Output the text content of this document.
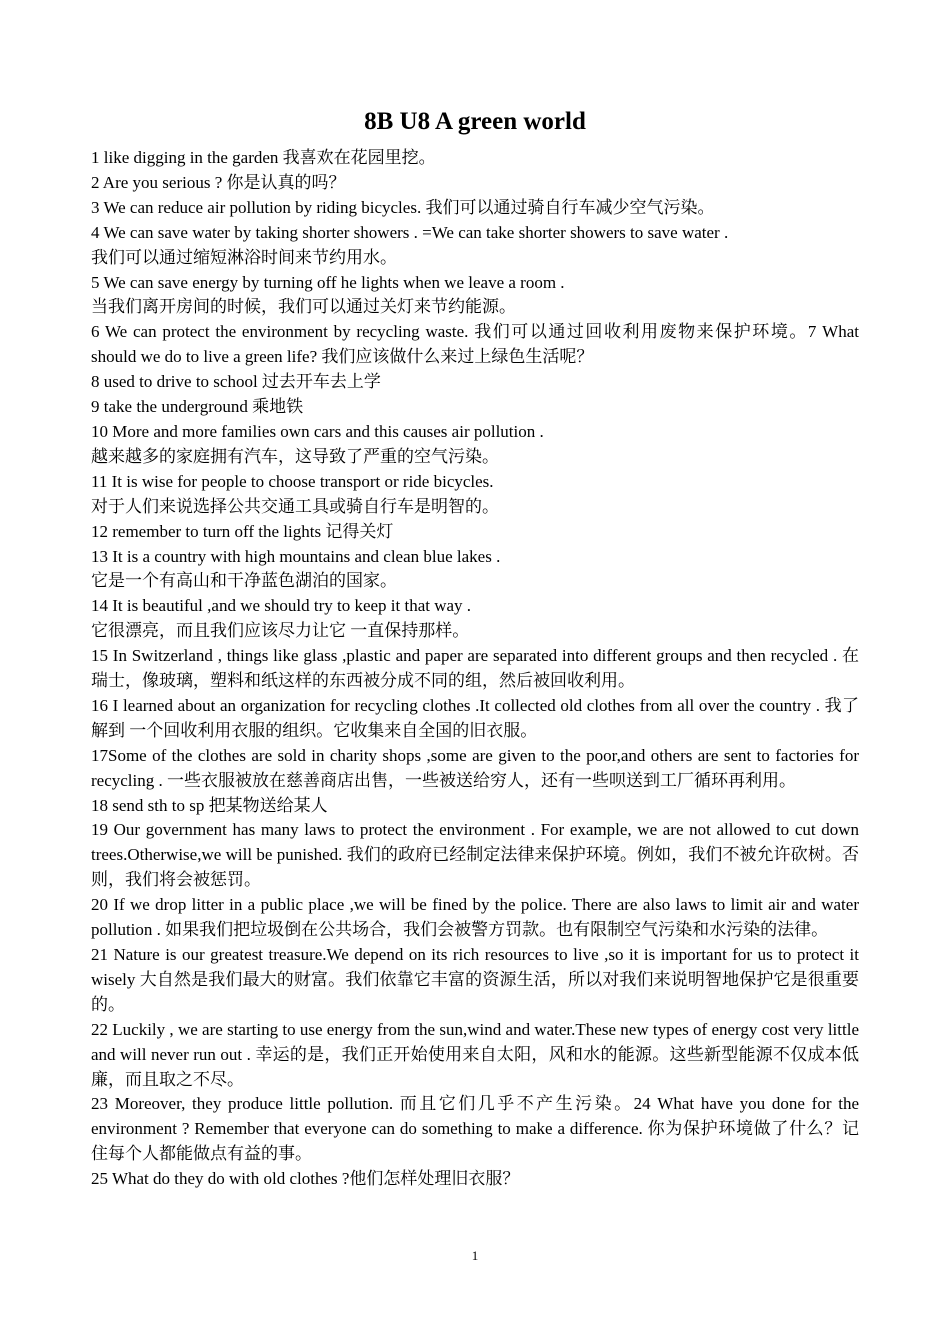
8B U8 A green world

1 like digging in the garden 我喜欢在花园里挖。

2 Are you serious ? 你是认真的吗？

3 We can reduce air pollution by riding bicycles. 我们可以通过骑自行车减少空气污染。

4 We can save water by taking shorter showers . =We can take shorter showers to save water .

我们可以通过缩短淋浴时间来节约用水。

5 We can save energy by turning off he lights when we leave a room .

当我们离开房间的时候，我们可以通过关灯来节约能源。

6 We can protect the environment by recycling waste. 我们可以通过回收利用废物来保护环境。7 What should we do to live a green life? 我们应该做什么来过上绿色生活呢？

8 used to drive to school 过去开车去上学

9 take the underground 乘地铁

10 More and more families own cars and this causes air pollution .

越来越多的家庭拥有汽车，这导致了严重的空气污染。

11 It is wise for people to choose transport or ride bicycles.

对于人们来说选择公共交通工具或骑自行车是明智的。

12 remember to turn off the lights 记得关灯

13 It is a country with high mountains and clean blue lakes .

它是一个有高山和干净蓝色湖泊的国家。

14 It is beautiful ,and we should try to keep it that way .

它很漂亮，而且我们应该尽力让它 一直保持那样。

15 In Switzerland , things like glass ,plastic and paper are separated into different groups and then recycled . 在瑞士，像玻璃，塑料和纸这样的东西被分成不同的组，然后被回收利用。

16 I learned about an organization for recycling clothes .It collected old clothes from all over the country . 我了解到 一个回收利用衣服的组织。它收集来自全国的旧衣服。

17Some of the clothes are sold in charity shops ,some are given to the poor,and others are sent to factories for recycling . 一些衣服被放在慈善商店出售，一些被送给穷人，还有一些呗送到工厂循环再利用。

18 send sth to sp 把某物送给某人

19 Our government has many laws to protect the environment . For example, we are not allowed to cut down trees.Otherwise,we will be punished. 我们的政府已经制定法律来保护环境。例如，我们不被允许砍树。否则，我们将会被惩罚。

20 If we drop litter in a public place ,we will be fined by the police. There are also laws to limit air and water pollution . 如果我们把垃圾倒在公共场合，我们会被警方罚款。也有限制空气污染和水污染的法律。

21 Nature is our greatest treasure.We depend on its rich resources to live ,so it is important for us to protect it wisely 大自然是我们最大的财富。我们依靠它丰富的资源生活，所以对我们来说明智地保护它是很重要的。

22 Luckily , we are starting to use energy from the sun,wind and water.These new types of energy cost very little and will never run out . 幸运的是，我们正开始使用来自太阳，风和水的能源。这些新型能源不仅成本低廉，而且取之不尽。

23 Moreover, they produce little pollution. 而且它们几乎不产生污染。24 What have you done for the environment ? Remember that everyone can do something to make a difference. 你为保护环境做了什么？记住每个人都能做点有益的事。

25 What do they do with old clothes ?他们怎样处理旧衣服？

1
